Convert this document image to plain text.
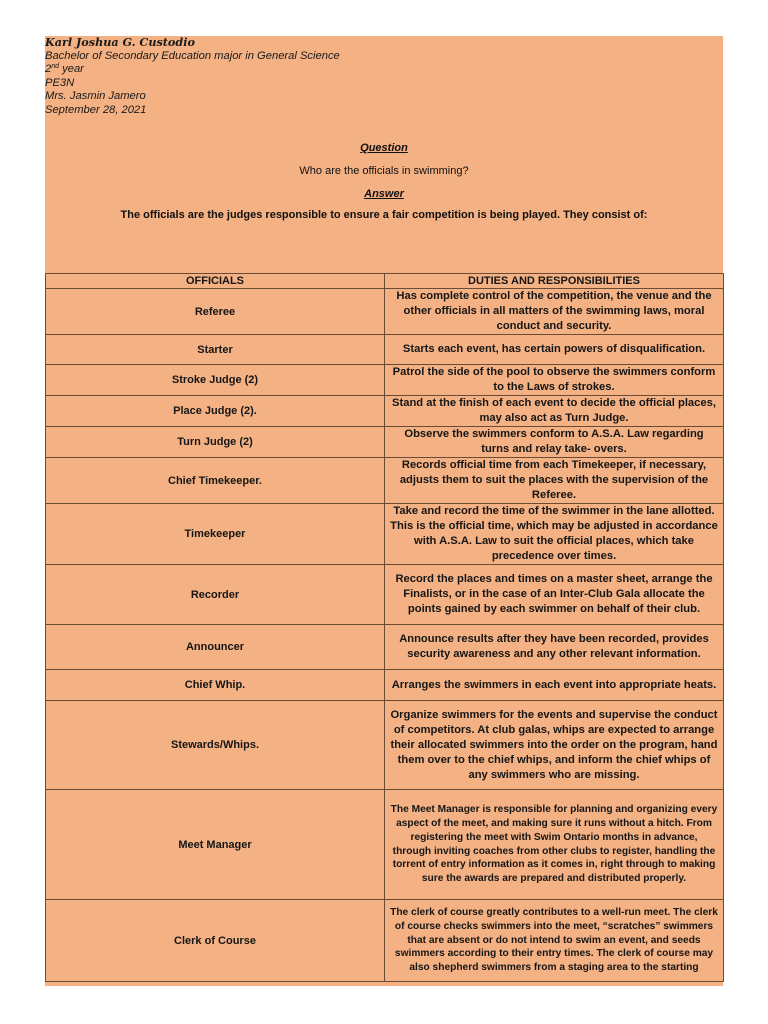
Karl Joshua G. Custodio
Bachelor of Secondary Education major in General Science
2nd year
PE3N
Mrs. Jasmin Jamero
September 28, 2021
Question
Who are the officials in swimming?
Answer
The officials are the judges responsible to ensure a fair competition is being played. They consist of:
OFFICIALS	DUTIES AND RESPONSIBILITIES
Referee	Has complete control of the competition, the venue and the other officials in all matters of the swimming laws, moral conduct and security.
Starter	Starts each event, has certain powers of disqualification.
Stroke Judge (2)	Patrol the side of the pool to observe the swimmers conform to the Laws of strokes.
Place Judge (2).	Stand at the finish of each event to decide the official places, may also act as Turn Judge.
Turn Judge (2)	Observe the swimmers conform to A.S.A. Law regarding turns and relay take- overs.
Chief Timekeeper.	Records official time from each Timekeeper, if necessary, adjusts them to suit the places with the supervision of the Referee.
Timekeeper	Take and record the time of the swimmer in the lane allotted. This is the official time, which may be adjusted in accordance with A.S.A. Law to suit the official places, which take precedence over times.
Recorder	Record the places and times on a master sheet, arrange the Finalists, or in the case of an Inter-Club Gala allocate the points gained by each swimmer on behalf of their club.
Announcer	Announce results after they have been recorded, provides security awareness and any other relevant information.
Chief Whip.	Arranges the swimmers in each event into appropriate heats.
Stewards/Whips.	Organize swimmers for the events and supervise the conduct of competitors. At club galas, whips are expected to arrange their allocated swimmers into the order on the program, hand them over to the chief whips, and inform the chief whips of any swimmers who are missing.
Meet Manager	The Meet Manager is responsible for planning and organizing every aspect of the meet, and making sure it runs without a hitch. From registering the meet with Swim Ontario months in advance, through inviting coaches from other clubs to register, handling the torrent of entry information as it comes in, right through to making sure the awards are prepared and distributed properly.
Clerk of Course	The clerk of course greatly contributes to a well-run meet. The clerk of course checks swimmers into the meet, “scratches” swimmers that are absent or do not intend to swim an event, and seeds swimmers according to their entry times. The clerk of course may also shepherd swimmers from a staging area to the starting
